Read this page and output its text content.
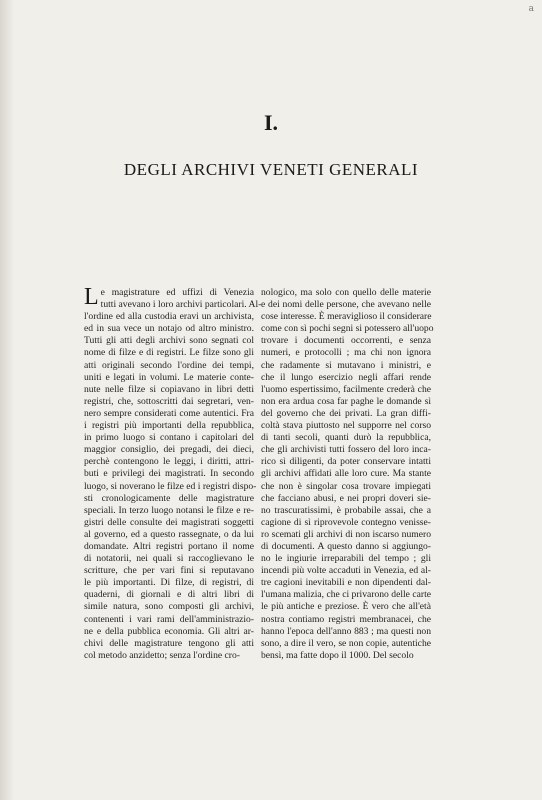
a
I.
DEGLI ARCHIVI VENETI GENERALI
L e magistrature ed uffizi di Venezia
tutti avevano i loro archivi particolari. Al-
l'ordine ed alla custodia eravi un archivista,
ed in sua vece un notajo od altro ministro.
Tutti gli atti degli archivi sono segnati col
nome di filze e di registri. Le filze sono gli
atti originali secondo l'ordine dei tempi,
uniti e legati in volumi. Le materie conte-
nute nelle filze si copiavano in libri detti
registri, che, sottoscritti dai segretari, ven-
nero sempre considerati come autentici. Fra
i registri più importanti della repubblica,
in primo luogo si contano i capitolari del
maggior consiglio, dei pregadi, dei dieci,
perchè contengono le leggi, i diritti, attri-
buti e privilegi dei magistrati. In secondo
luogo, si noverano le filze ed i registri dispo-
sti cronologicamente delle magistrature
speciali. In terzo luogo notansi le filze e re-
gistri delle consulte dei magistrati soggetti
al governo, ed a questo rassegnate, o da lui
domandate. Altri registri portano il nome
di notatorii, nei quali si raccoglievano le
scritture, che per vari fini si reputavano
le più importanti. Di filze, di registri, di
quaderni, di giornali e di altri libri di
simile natura, sono composti gli archivi,
contenenti i vari rami dell'amministrazio-
ne e della pubblica economia. Gli altri ar-
chivi delle magistrature tengono gli atti
col metodo anzidetto; senza l'ordine cro-
nologico, ma solo con quello delle materie
e dei nomi delle persone, che avevano nelle
cose interesse. È meraviglioso il considerare
come con sì pochi segni si potessero all'uopo
trovare i documenti occorrenti, e senza
numeri, e protocolli ; ma chi non ignora
che radamente si mutavano i ministri, e
che il lungo esercizio negli affari rende
l'uomo espertissimo, facilmente crederà che
non era ardua cosa far paghe le domande sì
del governo che dei privati. La gran diffi-
coltà stava piuttosto nel supporre nel corso
di tanti secoli, quanti durò la repubblica,
che gli archivisti tutti fossero del loro inca-
rico sì diligenti, da poter conservare intatti
gli archivi affidati alle loro cure. Ma stante
che non è singolar cosa trovare impiegati
che facciano abusi, e nei propri doveri sie-
no trascuratissimi, è probabile assai, che a
cagione di sì riprovevole contegno venisse-
ro scemati gli archivi di non iscarso numero
di documenti. A questo danno si aggiungo-
no le ingiurie irreparabili del tempo ; gli
incendi più volte accaduti in Venezia, ed al-
tre cagioni inevitabili e non dipendenti dal-
l'umana malizia, che ci privarono delle carte
le più antiche e preziose. È vero che all'età
nostra contiamo registri membranacei, che
hanno l'epoca dell'anno 883 ; ma questi non
sono, a dire il vero, se non copie, autentiche
bensì, ma fatte dopo il 1000. Del secolo
